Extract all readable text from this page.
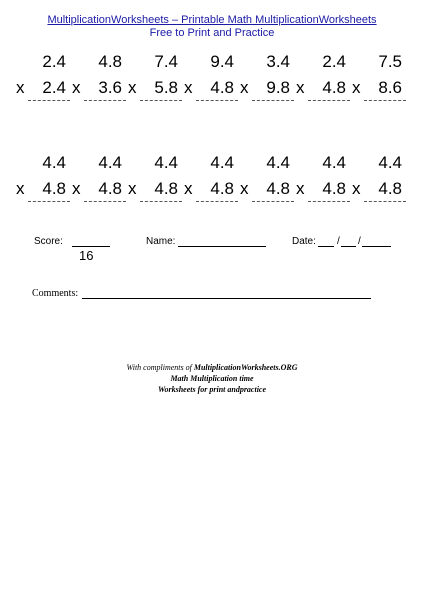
MultiplicationWorksheets – Printable Math MultiplicationWorksheets
Free to Print and Practice
2.4
x 2.4
4.8
x 3.6
7.4
x 5.8
9.4
x 4.8
3.4
x 9.8
2.4
x 4.8
7.5
x 8.6
4.4
x 4.8
4.4
x 4.8
4.4
x 4.8
4.4
x 4.8
4.4
x 4.8
4.4
x 4.8
4.4
x 4.8
Score:
16
Name:	Date: / /
Comments:
With compliments of MultiplicationWorksheets.ORG
Math Multiplication time
Worksheets for print andpractice
